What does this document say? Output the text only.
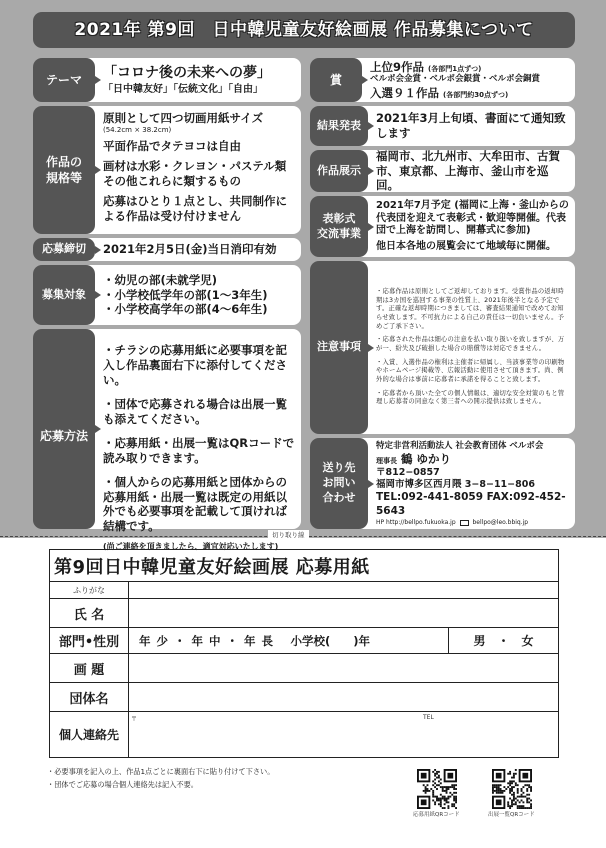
2021年 第9回　日中韓児童友好絵画展 作品募集について
テーマ	「コロナ後の未来への夢」
「日中韓友好」「伝統文化」「自由」
作品の
規格等
原則として四つ切画用紙サイズ
(54.2cm × 38.2cm)
平面作品でタテヨコは自由
画材は水彩・クレヨン・パステル類その他これらに類するもの
応募はひとり１点とし、共同制作による作品は受け付けません
応募締切	2021年2月5日(金)当日消印有効
募集対象
・幼児の部(未就学児)
・小学校低学年の部(1〜3年生)
・小学校高学年の部(4〜6年生)
応募方法
・チラシの応募用紙に必要事項を記入し作品裏面右下に添付してください。
・団体で応募される場合は出展一覧も添えてください。
・応募用紙・出展一覧はQRコードで読み取りできます。
・個人からの応募用紙と団体からの応募用紙・出展一覧は既定の用紙以外でも必要事項を記載して頂ければ結構です。
(尚ご連絡を頂きましたら、適宜対応いたします)
賞
上位9作品 (各部門1点ずつ)
ベルポ会金賞・ベルポ会銀賞・ベルポ会銅賞
入選９１作品 (各部門約30点ずつ)
結果発表
2021年3月上旬頃、書面にて通知致します
作品展示
福岡市、北九州市、大牟田市、古賀市、東京都、上海市、釜山市を巡回。
表彰式
交流事業
2021年7月予定 (福岡に上海・釜山からの代表団を迎えて表彰式・歓迎等開催。代表団で上海を訪問し、開幕式に参加)
他日本各地の展覧会にて地域毎に開催。
注意事項
・応募作品は原則としてご返却しております。受賞作品の返却時期は3カ国を巡回する事業の性質上、2021年後半となる予定です。正確な返却時期につきましては、審査結果通知で改めてお知らせ致します。不可抗力による自己の責任は一切負いません。予めご了承下さい。
・応募された作品は細心の注意を払い取り扱いを致しますが、万が一、紛失及び破損した場合の賠償等は対応できません。
・入賞、入選作品の権利は主催者に帰属し、当該事業等の印刷物やホームページ掲載等、広報活動に使用させて頂きます。尚、例外的な場合は事前に応募者に承諾を得ることと致します。
・応募者から頂いた全ての個人情報は、適切な安全対策のもと管理し応募者の同意なく第三者への開示提供は致しません。
送り先
お問い
合わせ
特定非営利活動法人 社会教育団体 ベルポ会
理事長 鶴 ゆかり
〒812−0857
福岡市博多区西月隈 3−8−11−806
TEL:092-441-8059 FAX:092-452-5643
HP http://bellpo.fukuoka.jp	bellpo@leo.bbiq.jp
切り取り線
第9回日中韓児童友好絵画展 応募用紙		
ふりがな		
氏 名		
部門•性別	年 少 ・ 年 中 ・ 年 長　 小学校(　　)年	男　・　女
画 題		
団体名		
個人連絡先	〒 TEL	
・必要事項を記入の上、作品1点ごとに裏面右下に貼り付けて下さい。
・団体でご応募の場合個人連絡先は記入不要。
応募用紙QRコード	出展一覧QRコード
